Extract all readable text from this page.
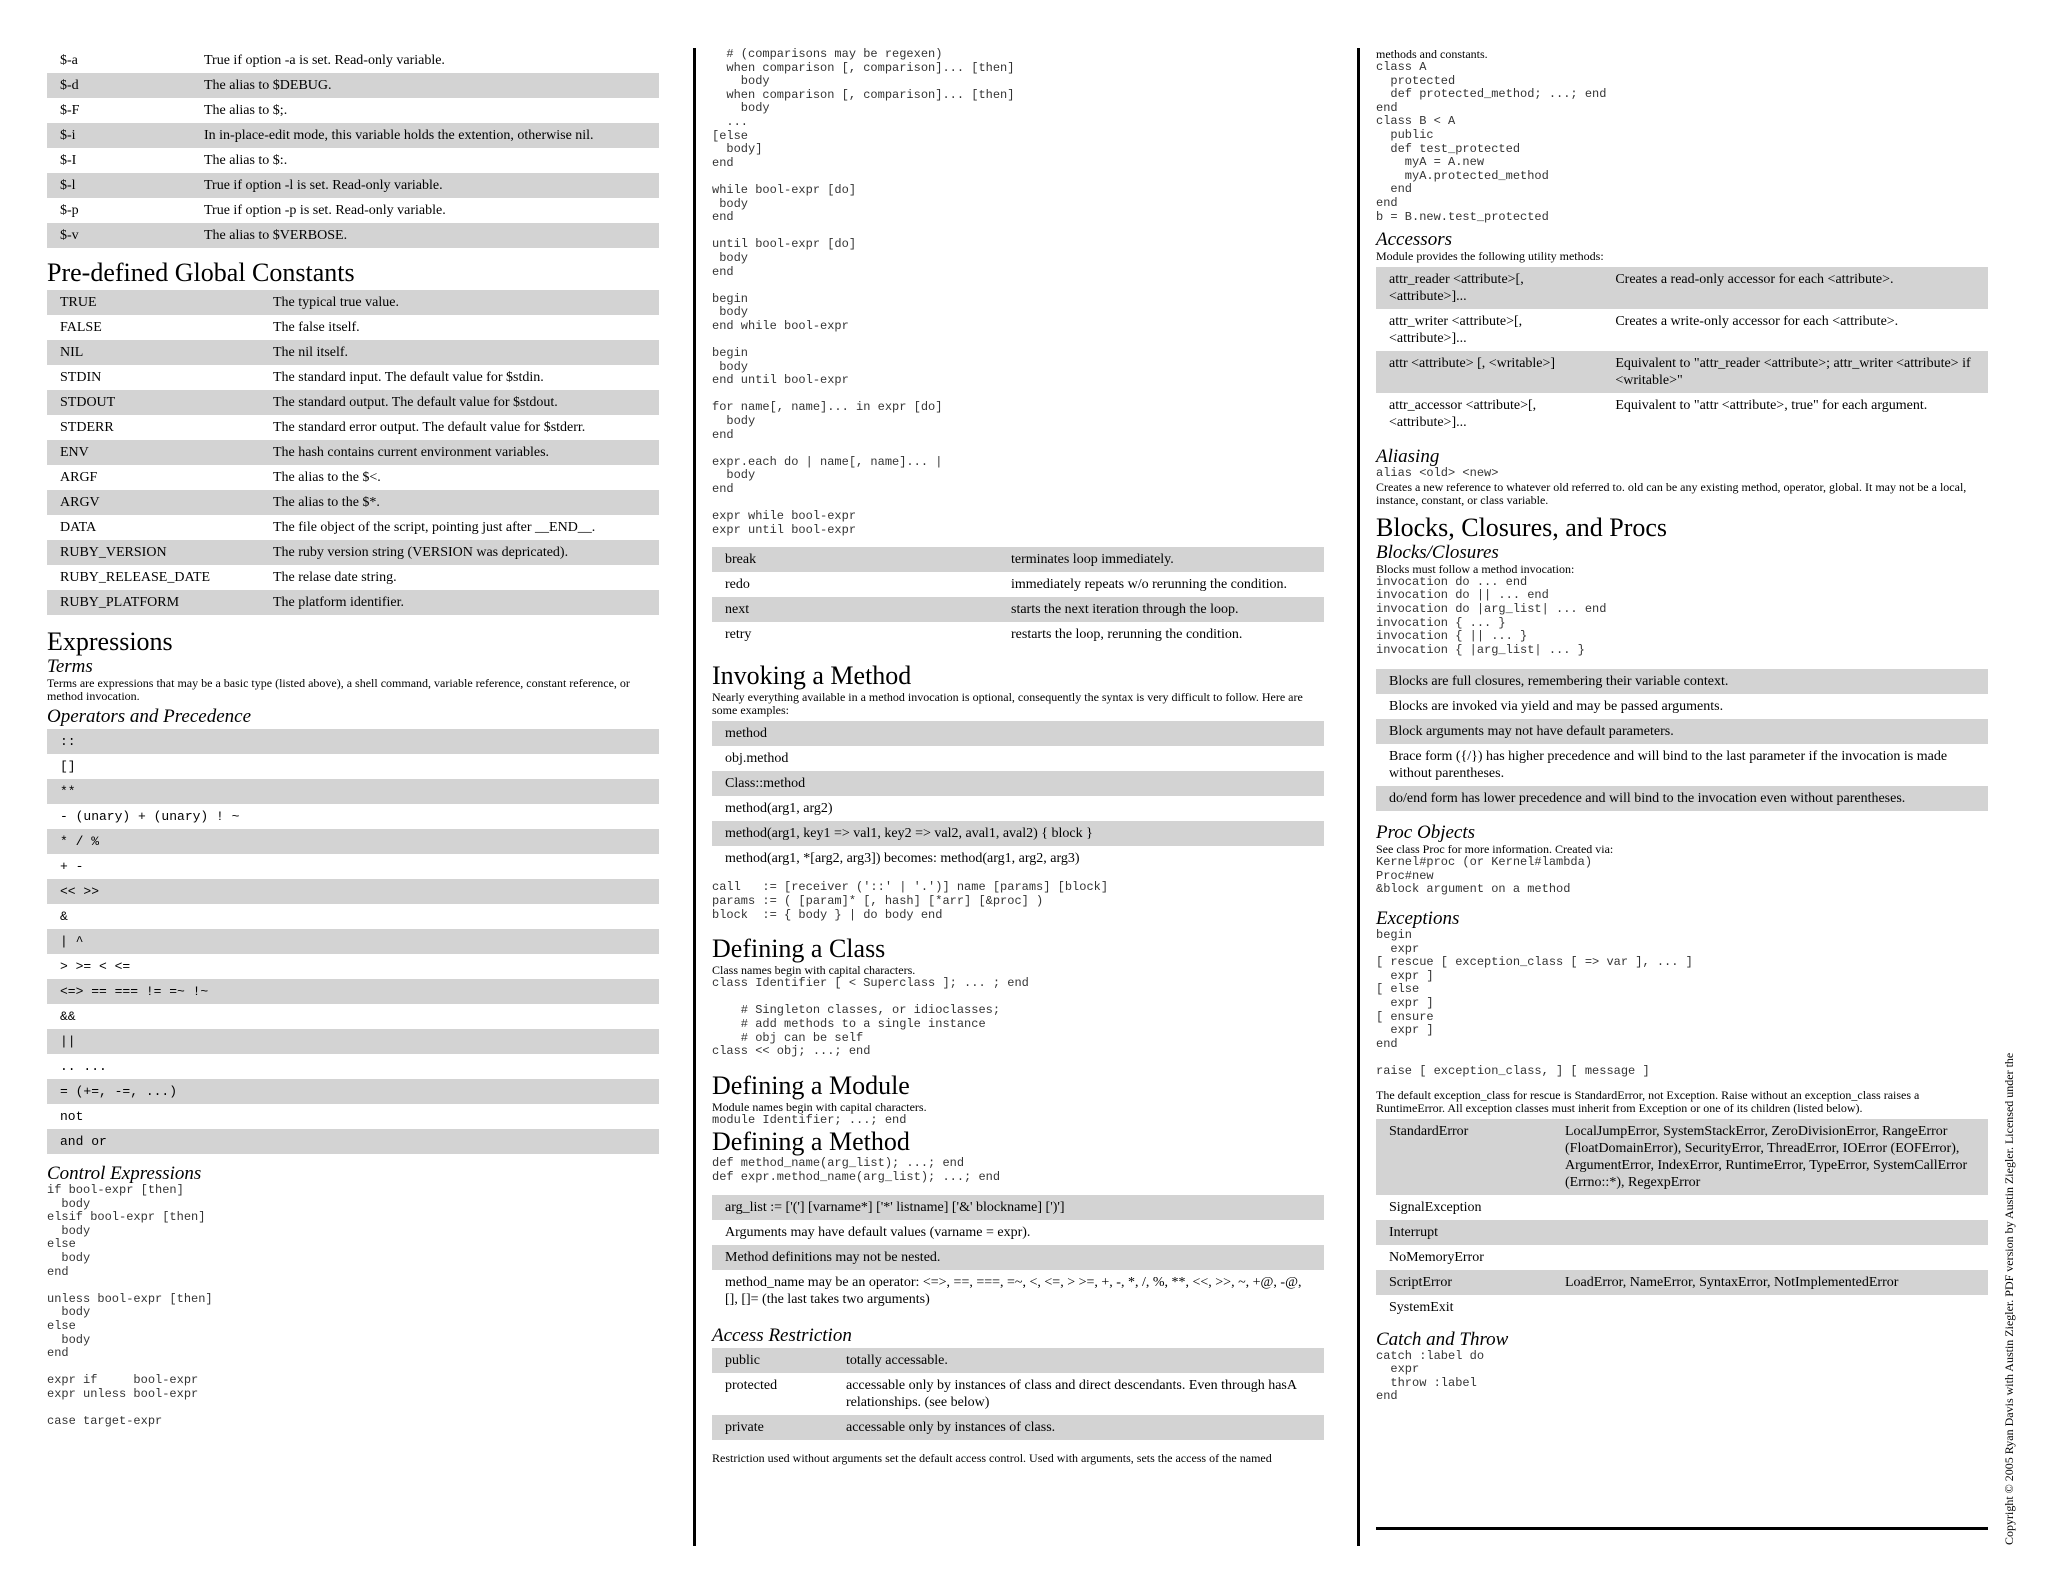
$-a	True if option -a is set. Read-only variable.
$-d	The alias to $DEBUG.
$-F	The alias to $;.
$-i	In in-place-edit mode, this variable holds the extention, otherwise nil.
$-I	The alias to $:.
$-l	True if option -l is set. Read-only variable.
$-p	True if option -p is set. Read-only variable.
$-v	The alias to $VERBOSE.
Pre-defined Global Constants
TRUE	The typical true value.
FALSE	The false itself.
NIL	The nil itself.
STDIN	The standard input. The default value for $stdin.
STDOUT	The standard output. The default value for $stdout.
STDERR	The standard error output. The default value for $stderr.
ENV	The hash contains current environment variables.
ARGF	The alias to the $<.
ARGV	The alias to the $*.
DATA	The file object of the script, pointing just after __END__.
RUBY_VERSION	The ruby version string (VERSION was depricated).
RUBY_RELEASE_DATE	The relase date string.
RUBY_PLATFORM	The platform identifier.
Expressions
Terms

Terms are expressions that may be a basic type (listed above), a shell command, variable reference, constant reference, or method invocation.

Operators and Precedence
::
[]
**
- (unary) + (unary) ! ~
* / %
+ -
<< >>
&
| ^
> >= < <=
<=> == === != =~ !~
&&
||
.. ...
= (+=, -=, ...)
not
and or
Control Expressions
if bool-expr [then]
body
elsif bool-expr [then]
body
else
body
end

unless bool-expr [then]
body
else
body
end

expr if     bool-expr
expr unless bool-expr

case target-expr
# (comparisons may be regexen)
when comparison [, comparison]... [then]
body
when comparison [, comparison]... [then]
body
...
[else
body]
end

while bool-expr [do]
body
end

until bool-expr [do]
body
end

begin
body
end while bool-expr

begin
body
end until bool-expr

for name[, name]... in expr [do]
body
end

expr.each do | name[, name]... |
body
end

expr while bool-expr
expr until bool-expr
break	terminates loop immediately.
redo	immediately repeats w/o rerunning the condition.
next	starts the next iteration through the loop.
retry	restarts the loop, rerunning the condition.
Invoking a Method

Nearly everything available in a method invocation is optional, consequently the syntax is very difficult to follow. Here are some examples:

method
obj.method
Class::method
method(arg1, arg2)
method(arg1, key1 => val1, key2 => val2, aval1, aval2) { block }
method(arg1, *[arg2, arg3]) becomes: method(arg1, arg2, arg3)
call   := [receiver ('::' | '.')] name [params] [block]
params := ( [param]* [, hash] [*arr] [&proc] )
block  := { body } | do body end
Defining a Class

Class names begin with capital characters.

class Identifier [ < Superclass ]; ... ; end

# Singleton classes, or idioclasses;
# add methods to a single instance
# obj can be self
class << obj; ...; end
Defining a Module

Module names begin with capital characters.

module Identifier; ...; end
Defining a Method
def method_name(arg_list); ...; end
def expr.method_name(arg_list); ...; end
arg_list := ['('] [varname*] ['*' listname] ['&' blockname] [')']
Arguments may have default values (varname = expr).
Method definitions may not be nested.
method_name may be an operator: <=>, ==, ===, =~, <, <=, > >=, +, -, *, /, %, **, <<, >>, ~, +@, -@, [], []= (the last takes two arguments)
Access Restriction
public	totally accessable.
protected	accessable only by instances of class and direct descendants. Even through hasA relationships. (see below)
private	accessable only by instances of class.

Restriction used without arguments set the default access control. Used with arguments, sets the access of the named

methods and constants.

class A
protected
def protected_method; ...; end
end
class B < A
public
def test_protected
myA = A.new
myA.protected_method
end
end
b = B.new.test_protected
Accessors

Module provides the following utility methods:

attr_reader <attribute>[, <attribute>]...	Creates a read-only accessor for each <attribute>.
attr_writer <attribute>[, <attribute>]...	Creates a write-only accessor for each <attribute>.
attr <attribute> [, <writable>]	Equivalent to "attr_reader <attribute>; attr_writer <attribute> if <writable>"
attr_accessor <attribute>[, <attribute>]...	Equivalent to "attr <attribute>, true" for each argument.
Aliasing
alias <old> <new>

Creates a new reference to whatever old referred to. old can be any existing method, operator, global. It may not be a local, instance, constant, or class variable.

Blocks, Closures, and Procs
Blocks/Closures

Blocks must follow a method invocation:

invocation do ... end
invocation do || ... end
invocation do |arg_list| ... end
invocation { ... }
invocation { || ... }
invocation { |arg_list| ... }
Blocks are full closures, remembering their variable context.
Blocks are invoked via yield and may be passed arguments.
Block arguments may not have default parameters.
Brace form ({/}) has higher precedence and will bind to the last parameter if the invocation is made without parentheses.
do/end form has lower precedence and will bind to the invocation even without parentheses.
Proc Objects

See class Proc for more information. Created via:

Kernel#proc (or Kernel#lambda)
Proc#new
&block argument on a method
Exceptions
begin
expr
[ rescue [ exception_class [ => var ], ... ]
expr ]
[ else
expr ]
[ ensure
expr ]
end

raise [ exception_class, ] [ message ]

The default exception_class for rescue is StandardError, not Exception. Raise without an exception_class raises a RuntimeError. All exception classes must inherit from Exception or one of its children (listed below).

StandardError	LocalJumpError, SystemStackError, ZeroDivisionError, RangeError (FloatDomainError), SecurityError, ThreadError, IOError (EOFError), ArgumentError, IndexError, RuntimeError, TypeError, SystemCallError (Errno::*), RegexpError
SignalException	
Interrupt	
NoMemoryError	
ScriptError	LoadError, NameError, SyntaxError, NotImplementedError
SystemExit	
Catch and Throw
catch :label do
expr
throw :label
end	Copyright © 2005 Ryan Davis with Austin Ziegler. PDF version by Austin Ziegler. Licensed under the
